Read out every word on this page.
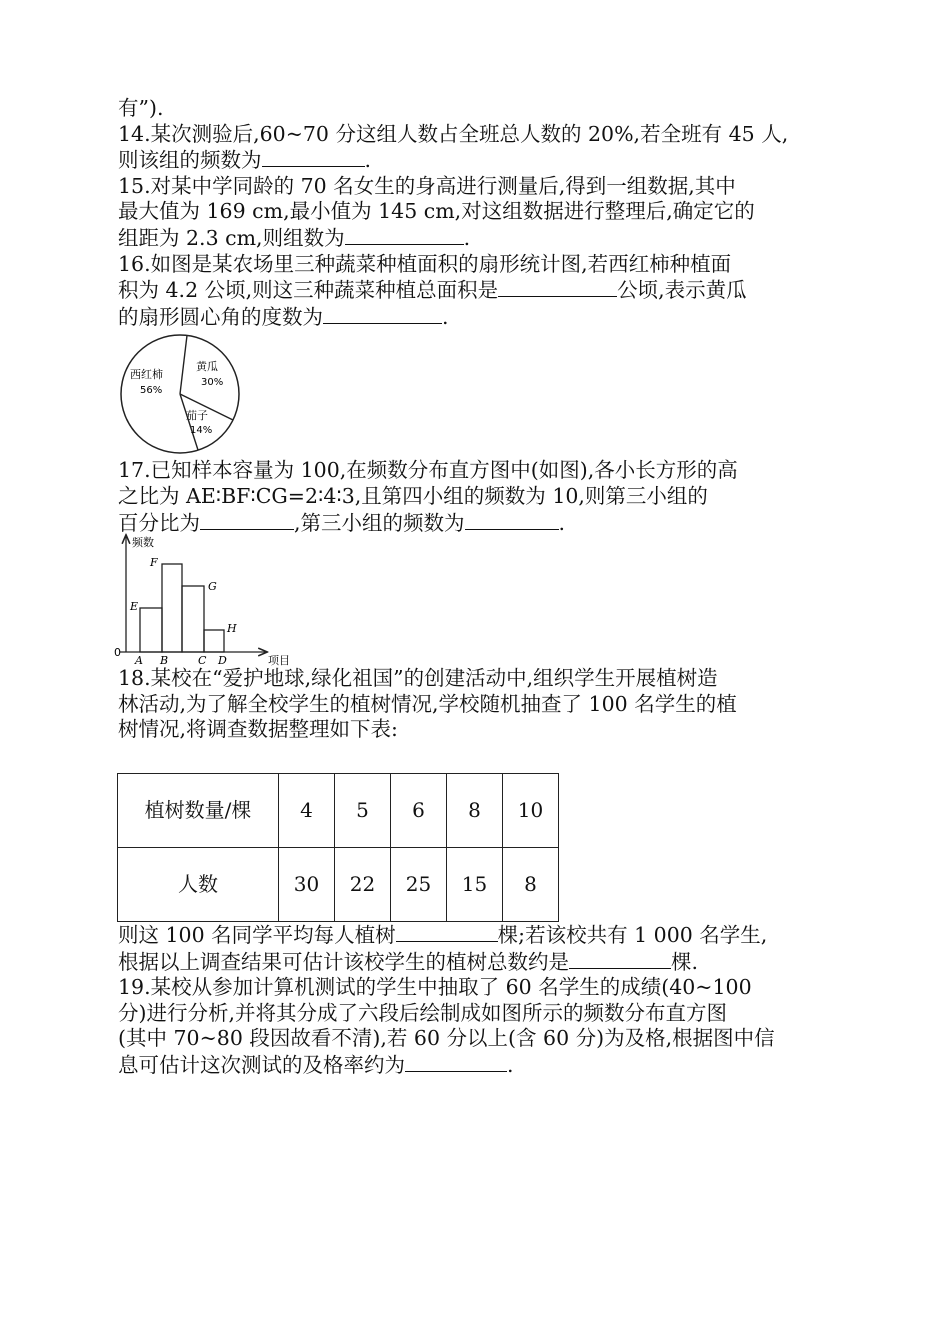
有”).
14.某次测验后,60~70 分这组人数占全班总人数的 20%,若全班有 45 人,
则该组的频数为	.
15.对某中学同龄的 70 名女生的身高进行测量后,得到一组数据,其中
最大值为 169 cm,最小值为 145 cm,对这组数据进行整理后,确定它的
组距为 2.3 cm,则组数为	.
16.如图是某农场里三种蔬菜种植面积的扇形统计图,若西红柿种植面
积为 4.2 公顷,则这三种蔬菜种植总面积是	公顷,表示黄瓜
的扇形圆心角的度数为	.
西红柿
56%
黄瓜
30%
茄子
14%
17.已知样本容量为 100,在频数分布直方图中(如图),各小长方形的高
之比为 AE∶BF∶CG=2∶4∶3,且第四小组的频数为 10,则第三小组的
百分比为	,第三小组的频数为	.
频数
0
项目
E
A
F
B
G
C
H
D
18.某校在“爱护地球,绿化祖国”的创建活动中,组织学生开展植树造
林活动,为了解全校学生的植树情况,学校随机抽查了 100 名学生的植
树情况,将调查数据整理如下表:
植树数量/棵	4	5	6	8	10
人数	30	22	25	15	8
则这 100 名同学平均每人植树	棵;若该校共有 1 000 名学生,
根据以上调查结果可估计该校学生的植树总数约是	棵.
19.某校从参加计算机测试的学生中抽取了 60 名学生的成绩(40~100
分)进行分析,并将其分成了六段后绘制成如图所示的频数分布直方图
(其中 70~80 段因故看不清),若 60 分以上(含 60 分)为及格,根据图中信
息可估计这次测试的及格率约为	.
